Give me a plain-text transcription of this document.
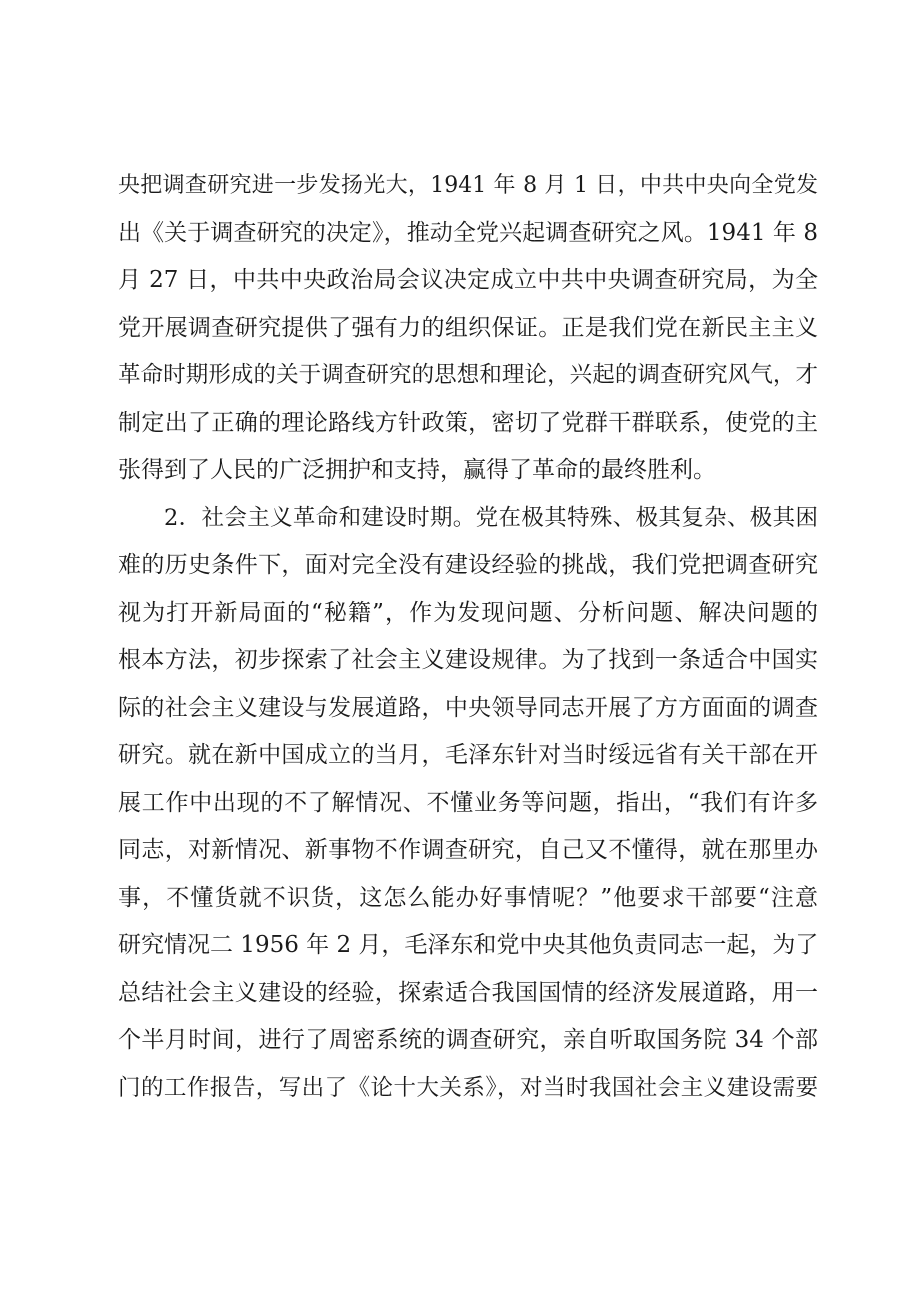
央把调查研究进一步发扬光大，1941 年 8 月 1 日，中共中央向全党发
出《关于调查研究的决定》，推动全党兴起调查研究之风。1941 年 8
月 27 日，中共中央政治局会议决定成立中共中央调查研究局，为全
党开展调查研究提供了强有力的组织保证。正是我们党在新民主主义
革命时期形成的关于调查研究的思想和理论，兴起的调查研究风气，才
制定出了正确的理论路线方针政策，密切了党群干群联系，使党的主
张得到了人民的广泛拥护和支持，赢得了革命的最终胜利。
2．社会主义革命和建设时期。党在极其特殊、极其复杂、极其困
难的历史条件下，面对完全没有建设经验的挑战，我们党把调查研究
视为打开新局面的“秘籍”，作为发现问题、分析问题、解决问题的
根本方法，初步探索了社会主义建设规律。为了找到一条适合中国实
际的社会主义建设与发展道路，中央领导同志开展了方方面面的调查
研究。就在新中国成立的当月，毛泽东针对当时绥远省有关干部在开
展工作中出现的不了解情况、不懂业务等问题，指出，“我们有许多
同志，对新情况、新事物不作调查研究，自己又不懂得，就在那里办
事，不懂货就不识货，这怎么能办好事情呢？”他要求干部要“注意
研究情况二 1956 年 2 月，毛泽东和党中央其他负责同志一起，为了
总结社会主义建设的经验，探索适合我国国情的经济发展道路，用一
个半月时间，进行了周密系统的调查研究，亲自听取国务院 34 个部
门的工作报告，写出了《论十大关系》，对当时我国社会主义建设需要
